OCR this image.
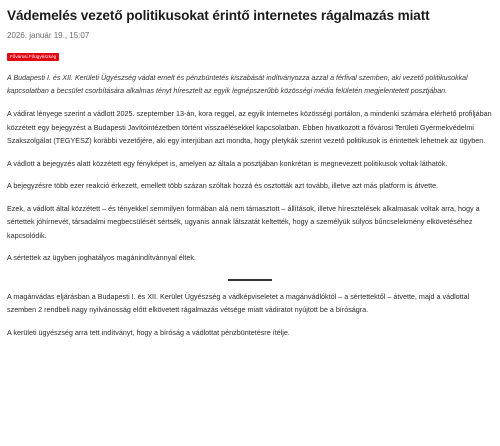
Vádemelés vezető politikusokat érintő internetes rágalmazás miatt
2026. január 19., 15:07
Fővárosi Főügyészség

A Budapesti I. és XII. Kerületi Ügyészség vádat emelt és pénzbüntetés kiszabását indítványozza azzal a férfival szemben, aki vezető politikusokkal kapcsolatban a becsület csorbítására alkalmas tényt híresztelt az egyik legnépszerűbb közösségi média felületén megjelentetett posztjában.

A vádirat lényege szerint a vádlott 2025. szeptember 13-án, kora reggel, az egyik internetes közösségi portálon, a mindenki számára elérhető profiljában közzétett egy bejegyzést a Budapesti Javítóintézetben történt visszaélésekkel kapcsolatban. Ebben hivatkozott a fővárosi Területi Gyermekvédelmi Szakszolgálat (TEGYESZ) korábbi vezetőjére, aki egy interjúban azt mondta, hogy pletykák szerint vezető politikusok is érintettek lehetnek az ügyben.

A vádlott a bejegyzés alatt közzétett egy fényképet is, amelyen az általa a posztjában konkrétan is megnevezett politikusok voltak láthatók.

A bejegyzésre több ezer reakció érkezett, emellett több százan szóltak hozzá és osztották azt tovább, illetve azt más platform is átvette.

Ezek, a vádlott által közzétett – és tényekkel semmilyen formában alá nem támasztott – állítások, illetve híresztelések alkalmasak voltak arra, hogy a sértettek jóhírnevét, társadalmi megbecsülését sértsék, ugyanis annak látszatát keltették, hogy a személyük súlyos bűncselekmény elkövetéséhez kapcsolódik.

A sértettek az ügyben joghatályos magánindítvánnyal éltek.

A magánvádas eljárásban a Budapesti I. és XII. Kerület Ügyészség a vádképviseletet a magánvádlóktól – a sértettektől – átvette, majd a vádlottal szemben 2 rendbeli nagy nyilvánosság előtt elkövetett rágalmazás vétsége miatt vádiratot nyújtott be a bíróságra.

A kerületi ügyészség arra tett indítványt, hogy a bíróság a vádlottat pénzbüntetésre ítélje.
